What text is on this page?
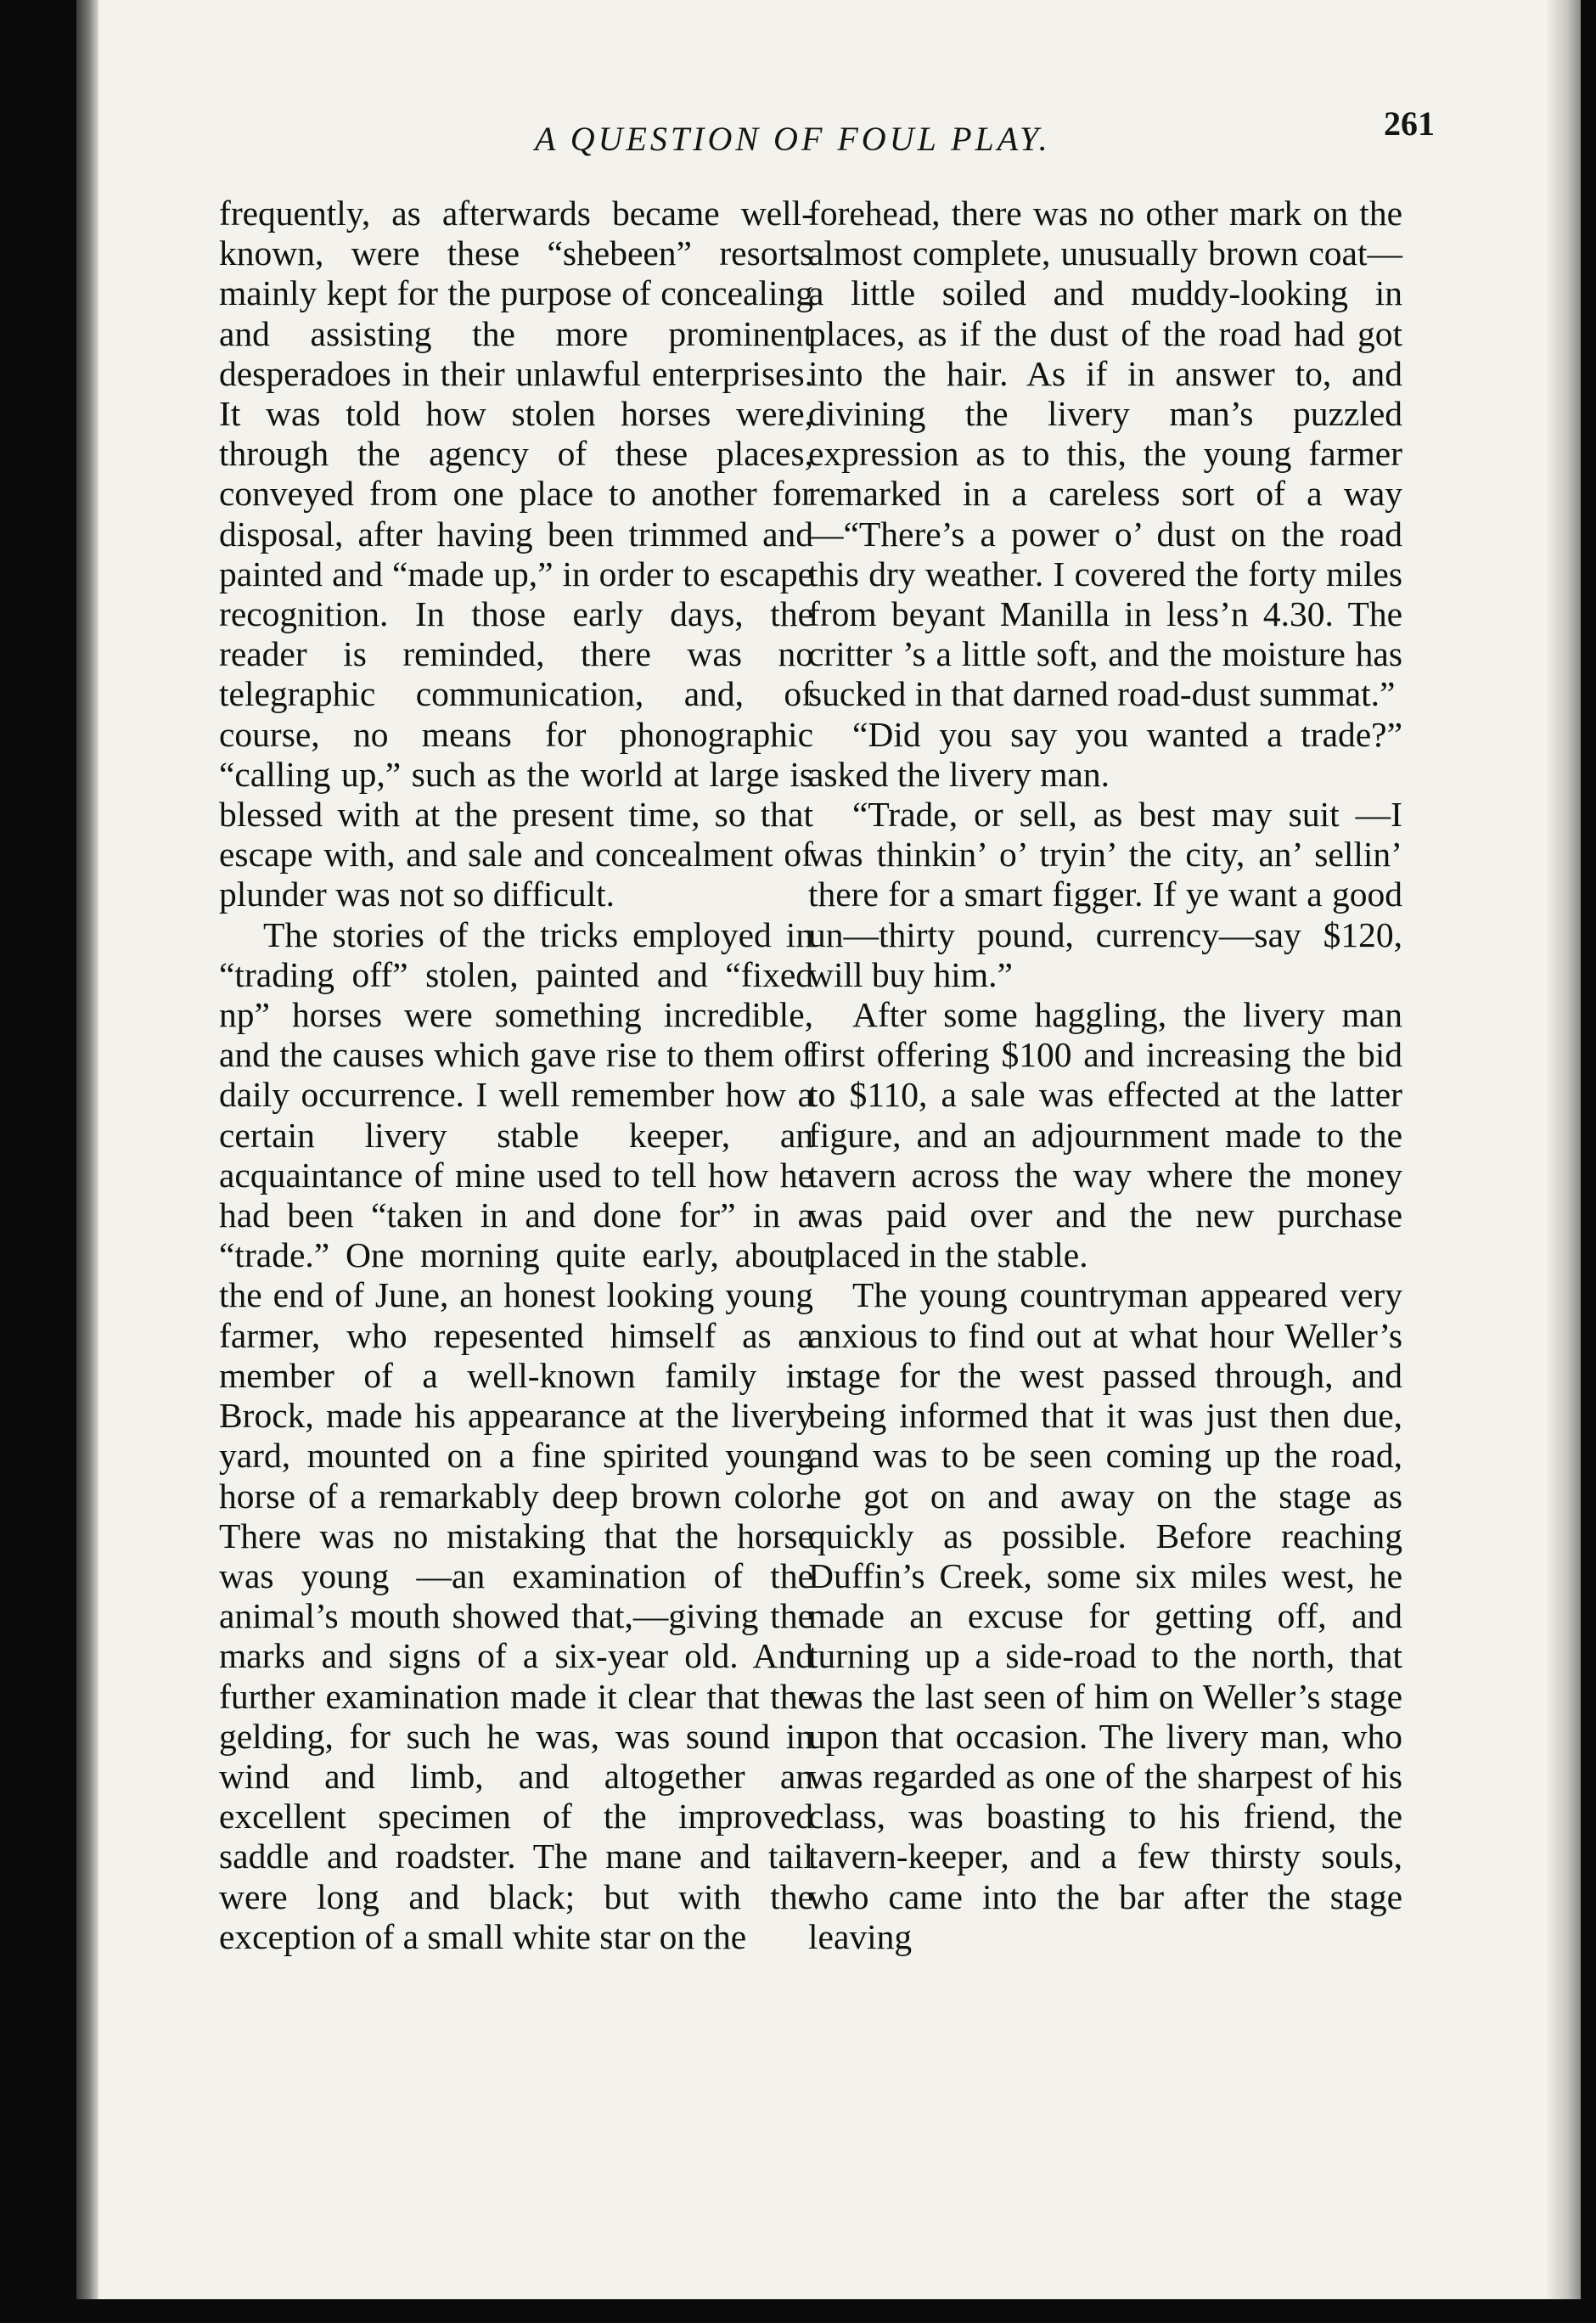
A QUESTION OF FOUL PLAY.	261

frequently, as afterwards became well-known, were these “shebeen” resorts mainly kept for the purpose of concealing and assisting the more prominent desperadoes in their unlawful enterprises. It was told how stolen horses were, through the agency of these places, conveyed from one place to another for disposal, after having been trimmed and painted and “made up,” in order to escape recognition. In those early days, the reader is reminded, there was no telegraphic communication, and, of course, no means for phonographic “calling up,” such as the world at large is blessed with at the present time, so that escape with, and sale and concealment of plunder was not so difficult.

The stories of the tricks employed in “trading off” stolen, painted and “fixed np” horses were something incredible, and the causes which gave rise to them of daily occurrence. I well remember how a certain livery stable keeper, an acquaintance of mine used to tell how he had been “taken in and done for” in a “trade.” One morning quite early, about the end of June, an honest looking young farmer, who repesented himself as a member of a well-known family in Brock, made his appearance at the livery yard, mounted on a fine spirited young horse of a remarkably deep brown color. There was no mistaking that the horse was young —an examination of the animal’s mouth showed that,—giving the marks and signs of a six-year old. And further examination made it clear that the gelding, for such he was, was sound in wind and limb, and altogether an excellent specimen of the improved saddle and roadster. The mane and tail were long and black; but with the exception of a small white star on the

forehead, there was no other mark on the almost complete, unusually brown coat—a little soiled and muddy-looking in places, as if the dust of the road had got into the hair. As if in answer to, and divining the livery man’s puzzled expression as to this, the young farmer remarked in a careless sort of a way—“There’s a power o’ dust on the road this dry weather. I covered the forty miles from beyant Manilla in less’n 4.30. The critter ’s a little soft, and the moisture has sucked in that darned road-dust summat.”

“Did you say you wanted a trade?” asked the livery man.

“Trade, or sell, as best may suit —I was thinkin’ o’ tryin’ the city, an’ sellin’ there for a smart figger. If ye want a good un—thirty pound, currency—say $120, will buy him.”

After some haggling, the livery man first offering $100 and increasing the bid to $110, a sale was effected at the latter figure, and an adjournment made to the tavern across the way where the money was paid over and the new purchase placed in the stable.

The young countryman appeared very anxious to find out at what hour Weller’s stage for the west passed through, and being informed that it was just then due, and was to be seen coming up the road, he got on and away on the stage as quickly as possible. Before reaching Duffin’s Creek, some six miles west, he made an excuse for getting off, and turning up a side-road to the north, that was the last seen of him on Weller’s stage upon that occasion. The livery man, who was regarded as one of the sharpest of his class, was boasting to his friend, the tavern-keeper, and a few thirsty souls, who came into the bar after the stage leaving
